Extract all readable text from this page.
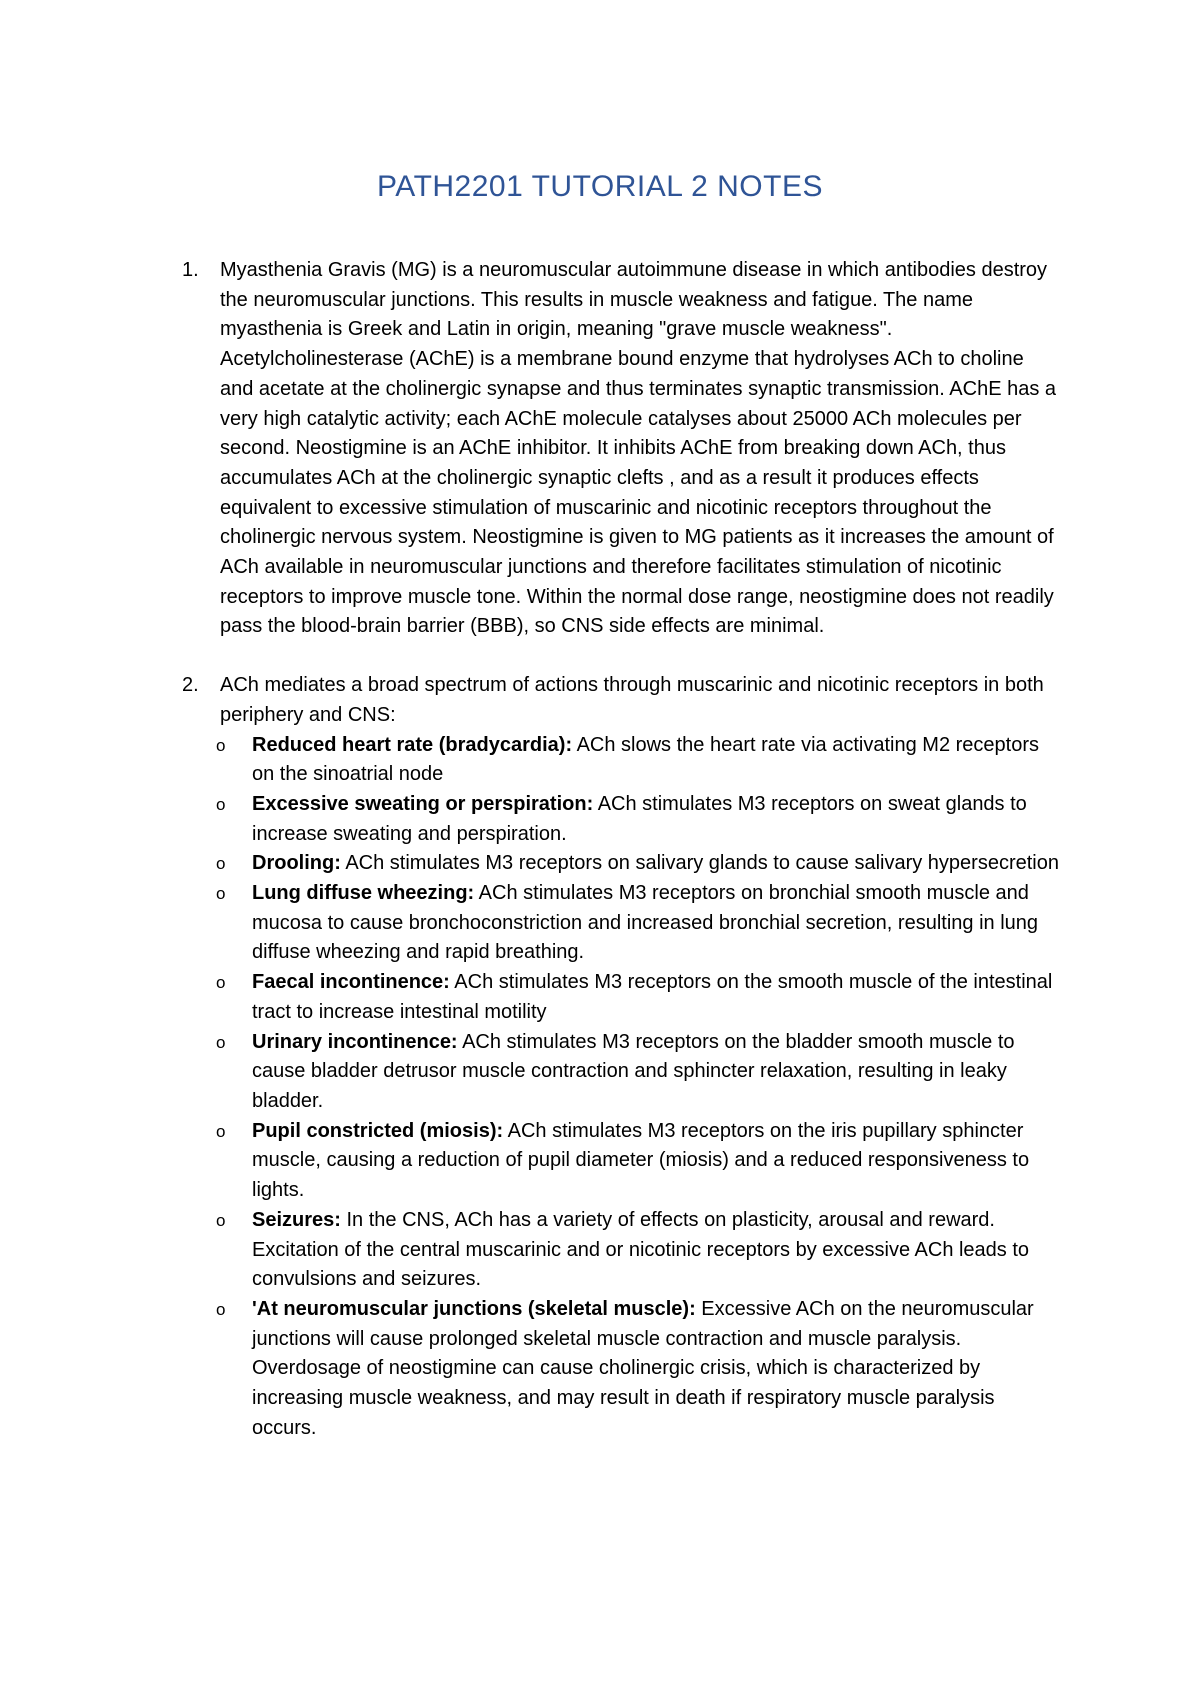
PATH2201 TUTORIAL 2 NOTES
1. Myasthenia Gravis (MG) is a neuromuscular autoimmune disease in which antibodies destroy the neuromuscular junctions. This results in muscle weakness and fatigue. The name myasthenia is Greek and Latin in origin, meaning "grave muscle weakness". Acetylcholinesterase (AChE) is a membrane bound enzyme that hydrolyses ACh to choline and acetate at the cholinergic synapse and thus terminates synaptic transmission. AChE has a very high catalytic activity; each AChE molecule catalyses about 25000 ACh molecules per second. Neostigmine is an AChE inhibitor. It inhibits AChE from breaking down ACh, thus accumulates ACh at the cholinergic synaptic clefts , and as a result it produces effects equivalent to excessive stimulation of muscarinic and nicotinic receptors throughout the cholinergic nervous system. Neostigmine is given to MG patients as it increases the amount of ACh available in neuromuscular junctions and therefore facilitates stimulation of nicotinic receptors to improve muscle tone. Within the normal dose range, neostigmine does not readily pass the blood-brain barrier (BBB), so CNS side effects are minimal.
2. ACh mediates a broad spectrum of actions through muscarinic and nicotinic receptors in both periphery and CNS:
o Reduced heart rate (bradycardia): ACh slows the heart rate via activating M2 receptors on the sinoatrial node
o Excessive sweating or perspiration: ACh stimulates M3 receptors on sweat glands to increase sweating and perspiration.
o Drooling: ACh stimulates M3 receptors on salivary glands to cause salivary hypersecretion
o Lung diffuse wheezing: ACh stimulates M3 receptors on bronchial smooth muscle and mucosa to cause bronchoconstriction and increased bronchial secretion, resulting in lung diffuse wheezing and rapid breathing.
o Faecal incontinence: ACh stimulates M3 receptors on the smooth muscle of the intestinal tract to increase intestinal motility
o Urinary incontinence: ACh stimulates M3 receptors on the bladder smooth muscle to cause bladder detrusor muscle contraction and sphincter relaxation, resulting in leaky bladder.
o Pupil constricted (miosis): ACh stimulates M3 receptors on the iris pupillary sphincter muscle, causing a reduction of pupil diameter (miosis) and a reduced responsiveness to lights.
o Seizures: In the CNS, ACh has a variety of effects on plasticity, arousal and reward. Excitation of the central muscarinic and or nicotinic receptors by excessive ACh leads to convulsions and seizures.
o 'At neuromuscular junctions (skeletal muscle): Excessive ACh on the neuromuscular junctions will cause prolonged skeletal muscle contraction and muscle paralysis. Overdosage of neostigmine can cause cholinergic crisis, which is characterized by increasing muscle weakness, and may result in death if respiratory muscle paralysis occurs.
